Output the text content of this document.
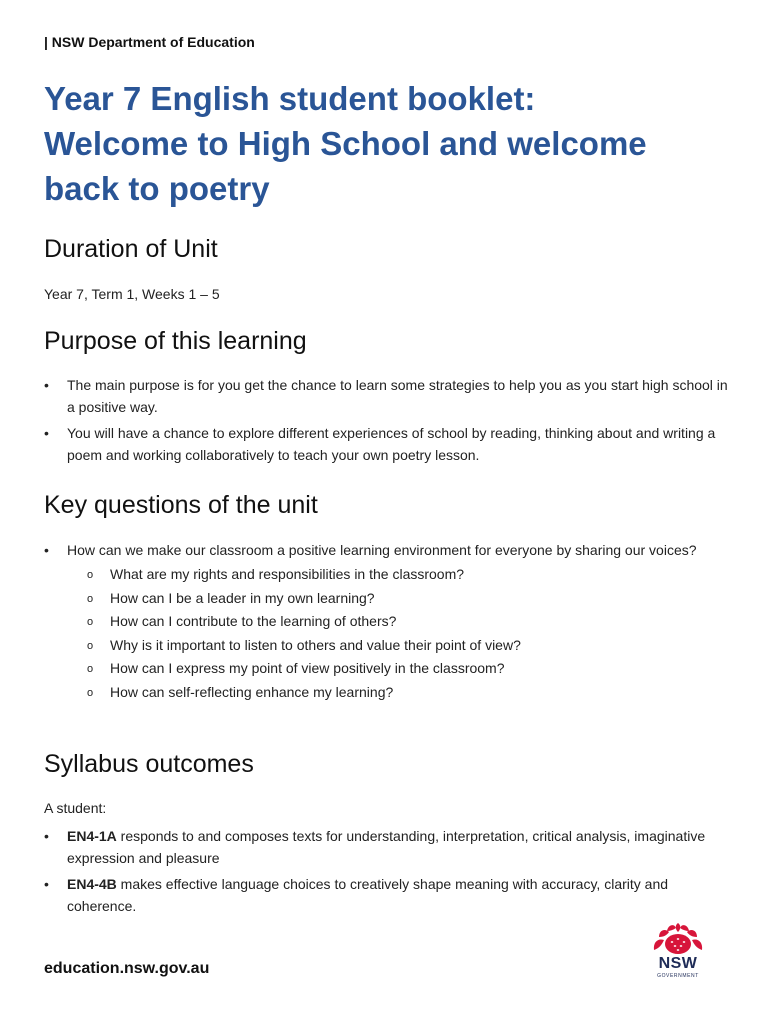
| NSW Department of Education
Year 7 English student booklet:
Welcome to High School and welcome
back to poetry
Duration of Unit

Year 7, Term 1, Weeks 1 – 5

Purpose of this learning
• The main purpose is for you get the chance to learn some strategies to help you as you start high school in a positive way.
• You will have a chance to explore different experiences of school by reading, thinking about and writing a poem and working collaboratively to teach your own poetry lesson.
Key questions of the unit
• How can we make our classroom a positive learning environment for everyone by sharing our voices?
o What are my rights and responsibilities in the classroom?
o How can I be a leader in my own learning?
o How can I contribute to the learning of others?
o Why is it important to listen to others and value their point of view?
o How can I express my point of view positively in the classroom?
o How can self-reflecting enhance my learning?
Syllabus outcomes

A student:

• EN4-1A responds to and composes texts for understanding, interpretation, critical analysis, imaginative expression and pleasure
• EN4-4B makes effective language choices to creatively shape meaning with accuracy, clarity and coherence.
education.nsw.gov.au	NSW
GOVERNMENT
